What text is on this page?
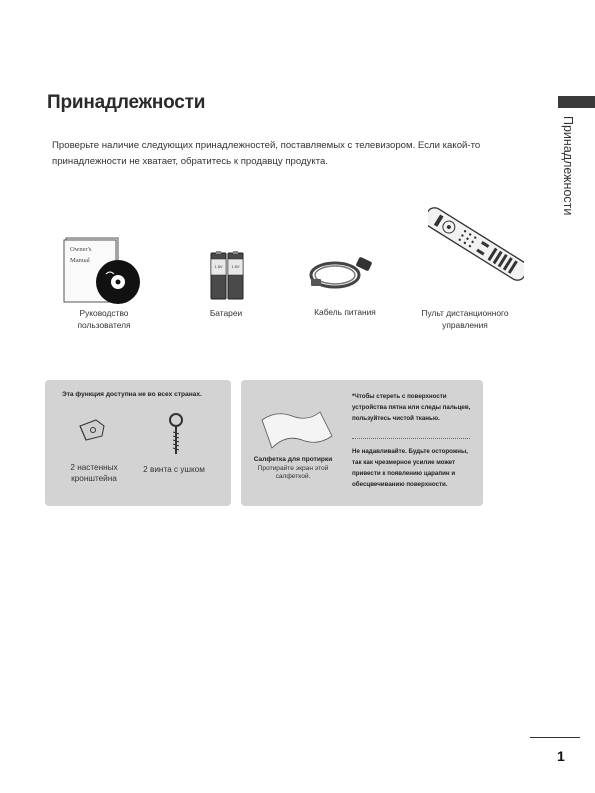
Принадлежности
Принадлежности
Проверьте наличие следующих принадлежностей, поставляемых с телевизором. Если какой-то принадлежности не хватает, обратитесь к продавцу продукта.
Owner's Manual
Руководство
пользователя
1.5V	1.5V
Батареи	Кабель питания	Пульт дистанционного
управления
Эта функция доступна не во всех странах.
2 настенных
кронштейна
2 винта с ушком
Салфетка для протирки
Протирайте экран этой
салфеткой.
*Чтобы стереть с поверхности устройства пятна или следы пальцев, пользуйтесь чистой тканью.
Не надавливайте. Будьте осторожны, так как чрезмерное усилие может привести к появлению царапин и обесцвечиванию поверхности.
1
